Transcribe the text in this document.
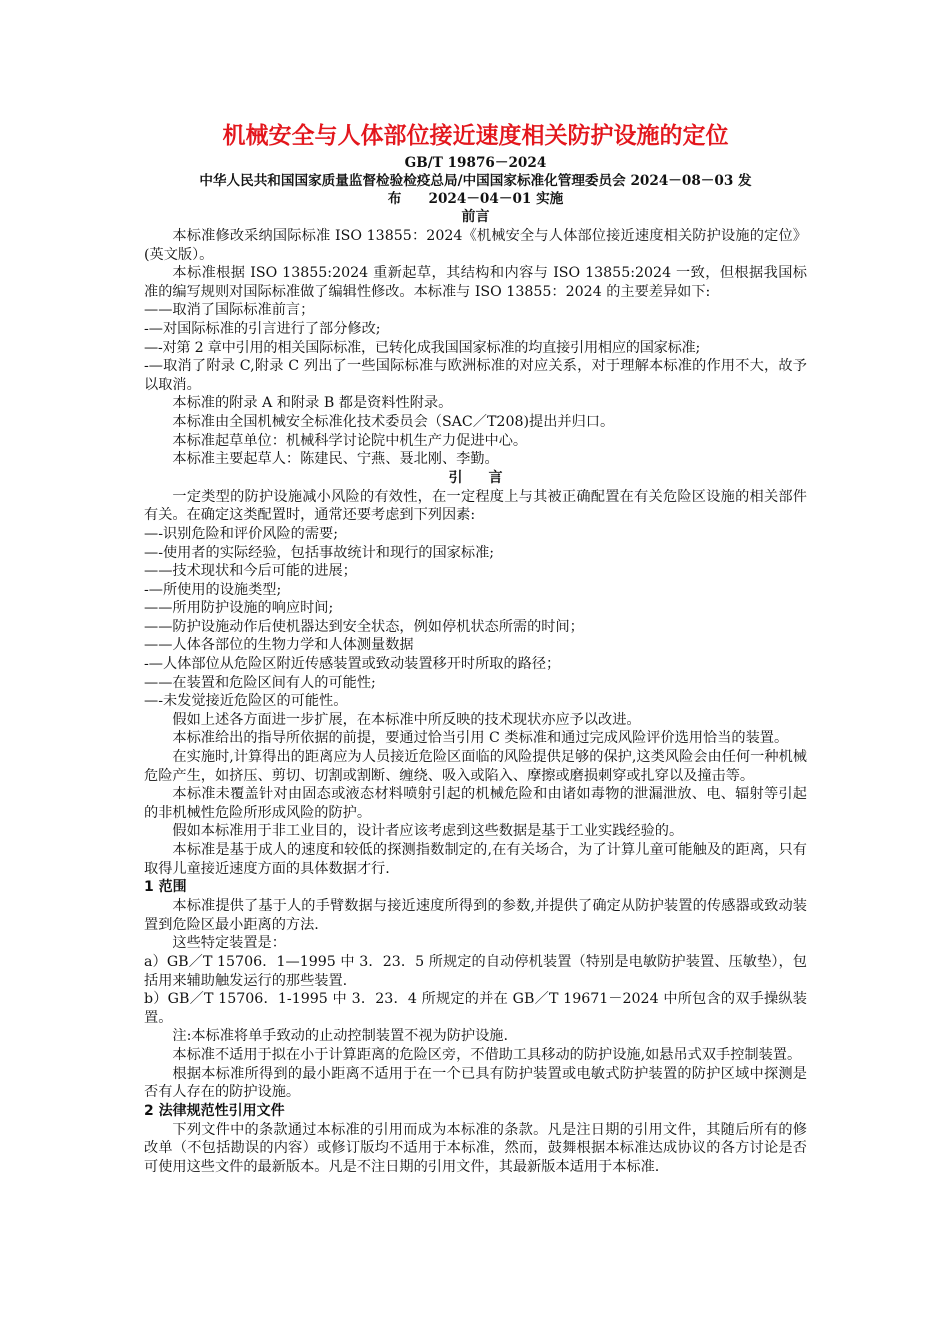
机械安全与人体部位接近速度相关防护设施的定位

GB/T 19876－2024

中华人民共和国国家质量监督检验检疫总局/中国国家标准化管理委员会 2024－08－03 发
布　　2024－04－01 实施

前言

本标准修改采纳国际标准 ISO 13855：2024《机械安全与人体部位接近速度相关防护设施的定位》(英文版）。

本标准根据 ISO 13855:2024 重新起草，其结构和内容与 ISO 13855:2024 一致，但根据我国标准的编写规则对国际标准做了编辑性修改。本标准与 ISO 13855：2024 的主要差异如下:

——取消了国际标准前言；

-—对国际标准的引言进行了部分修改;

—-对第 2 章中引用的相关国际标准，已转化成我国国家标准的均直接引用相应的国家标准;

-—取消了附录 C,附录 C 列出了一些国际标准与欧洲标准的对应关系，对于理解本标准的作用不大，故予以取消。

本标准的附录 A 和附录 B 都是资料性附录。

本标准由全国机械安全标准化技术委员会（SAC／T208)提出并归口。

本标准起草单位：机械科学讨论院中机生产力促进中心。

本标准主要起草人：陈建民、宁燕、聂北刚、李勤。

引言

一定类型的防护设施减小风险的有效性，在一定程度上与其被正确配置在有关危险区设施的相关部件有关。在确定这类配置时，通常还要考虑到下列因素:

—-识别危险和评价风险的需要;

—-使用者的实际经验，包括事故统计和现行的国家标准;

——技术现状和今后可能的进展；

-—所使用的设施类型;

——所用防护设施的响应时间;

——防护设施动作后使机器达到安全状态，例如停机状态所需的时间；

——人体各部位的生物力学和人体测量数据

-—人体部位从危险区附近传感装置或致动装置移开时所取的路径；

——在装置和危险区间有人的可能性;

—-未发觉接近危险区的可能性。

假如上述各方面进一步扩展，在本标准中所反映的技术现状亦应予以改进。

本标准给出的指导所依据的前提，要通过恰当引用 C 类标准和通过完成风险评价选用恰当的装置。

在实施时,计算得出的距离应为人员接近危险区面临的风险提供足够的保护,这类风险会由任何一种机械危险产生，如挤压、剪切、切割或割断、缠绕、吸入或陷入、摩擦或磨损刺穿或扎穿以及撞击等。

本标准未覆盖针对由固态或液态材料喷射引起的机械危险和由诸如毒物的泄漏泄放、电、辐射等引起的非机械性危险所形成风险的防护。

假如本标准用于非工业目的，设计者应该考虑到这些数据是基于工业实践经验的。

本标准是基于成人的速度和较低的探测指数制定的,在有关场合，为了计算儿童可能触及的距离，只有取得儿童接近速度方面的具体数据才行.

1 范围

本标准提供了基于人的手臂数据与接近速度所得到的参数,并提供了确定从防护装置的传感器或致动装置到危险区最小距离的方法.

这些特定装置是：

a）GB／T 15706．1—1995 中 3．23．5 所规定的自动停机装置（特别是电敏防护装置、压敏垫），包括用来辅助触发运行的那些装置.

b）GB／T 15706．1-1995 中 3．23．4 所规定的并在 GB／T 19671－2024 中所包含的双手操纵装置。

注:本标准将单手致动的止动控制装置不视为防护设施.

本标准不适用于拟在小于计算距离的危险区旁，不借助工具移动的防护设施,如悬吊式双手控制装置。

根据本标准所得到的最小距离不适用于在一个已具有防护装置或电敏式防护装置的防护区域中探测是否有人存在的防护设施。

2 法律规范性引用文件

下列文件中的条款通过本标准的引用而成为本标准的条款。凡是注日期的引用文件，其随后所有的修改单（不包括勘误的内容）或修订版均不适用于本标准，然而，鼓舞根据本标准达成协议的各方讨论是否可使用这些文件的最新版本。凡是不注日期的引用文件，其最新版本适用于本标准.
